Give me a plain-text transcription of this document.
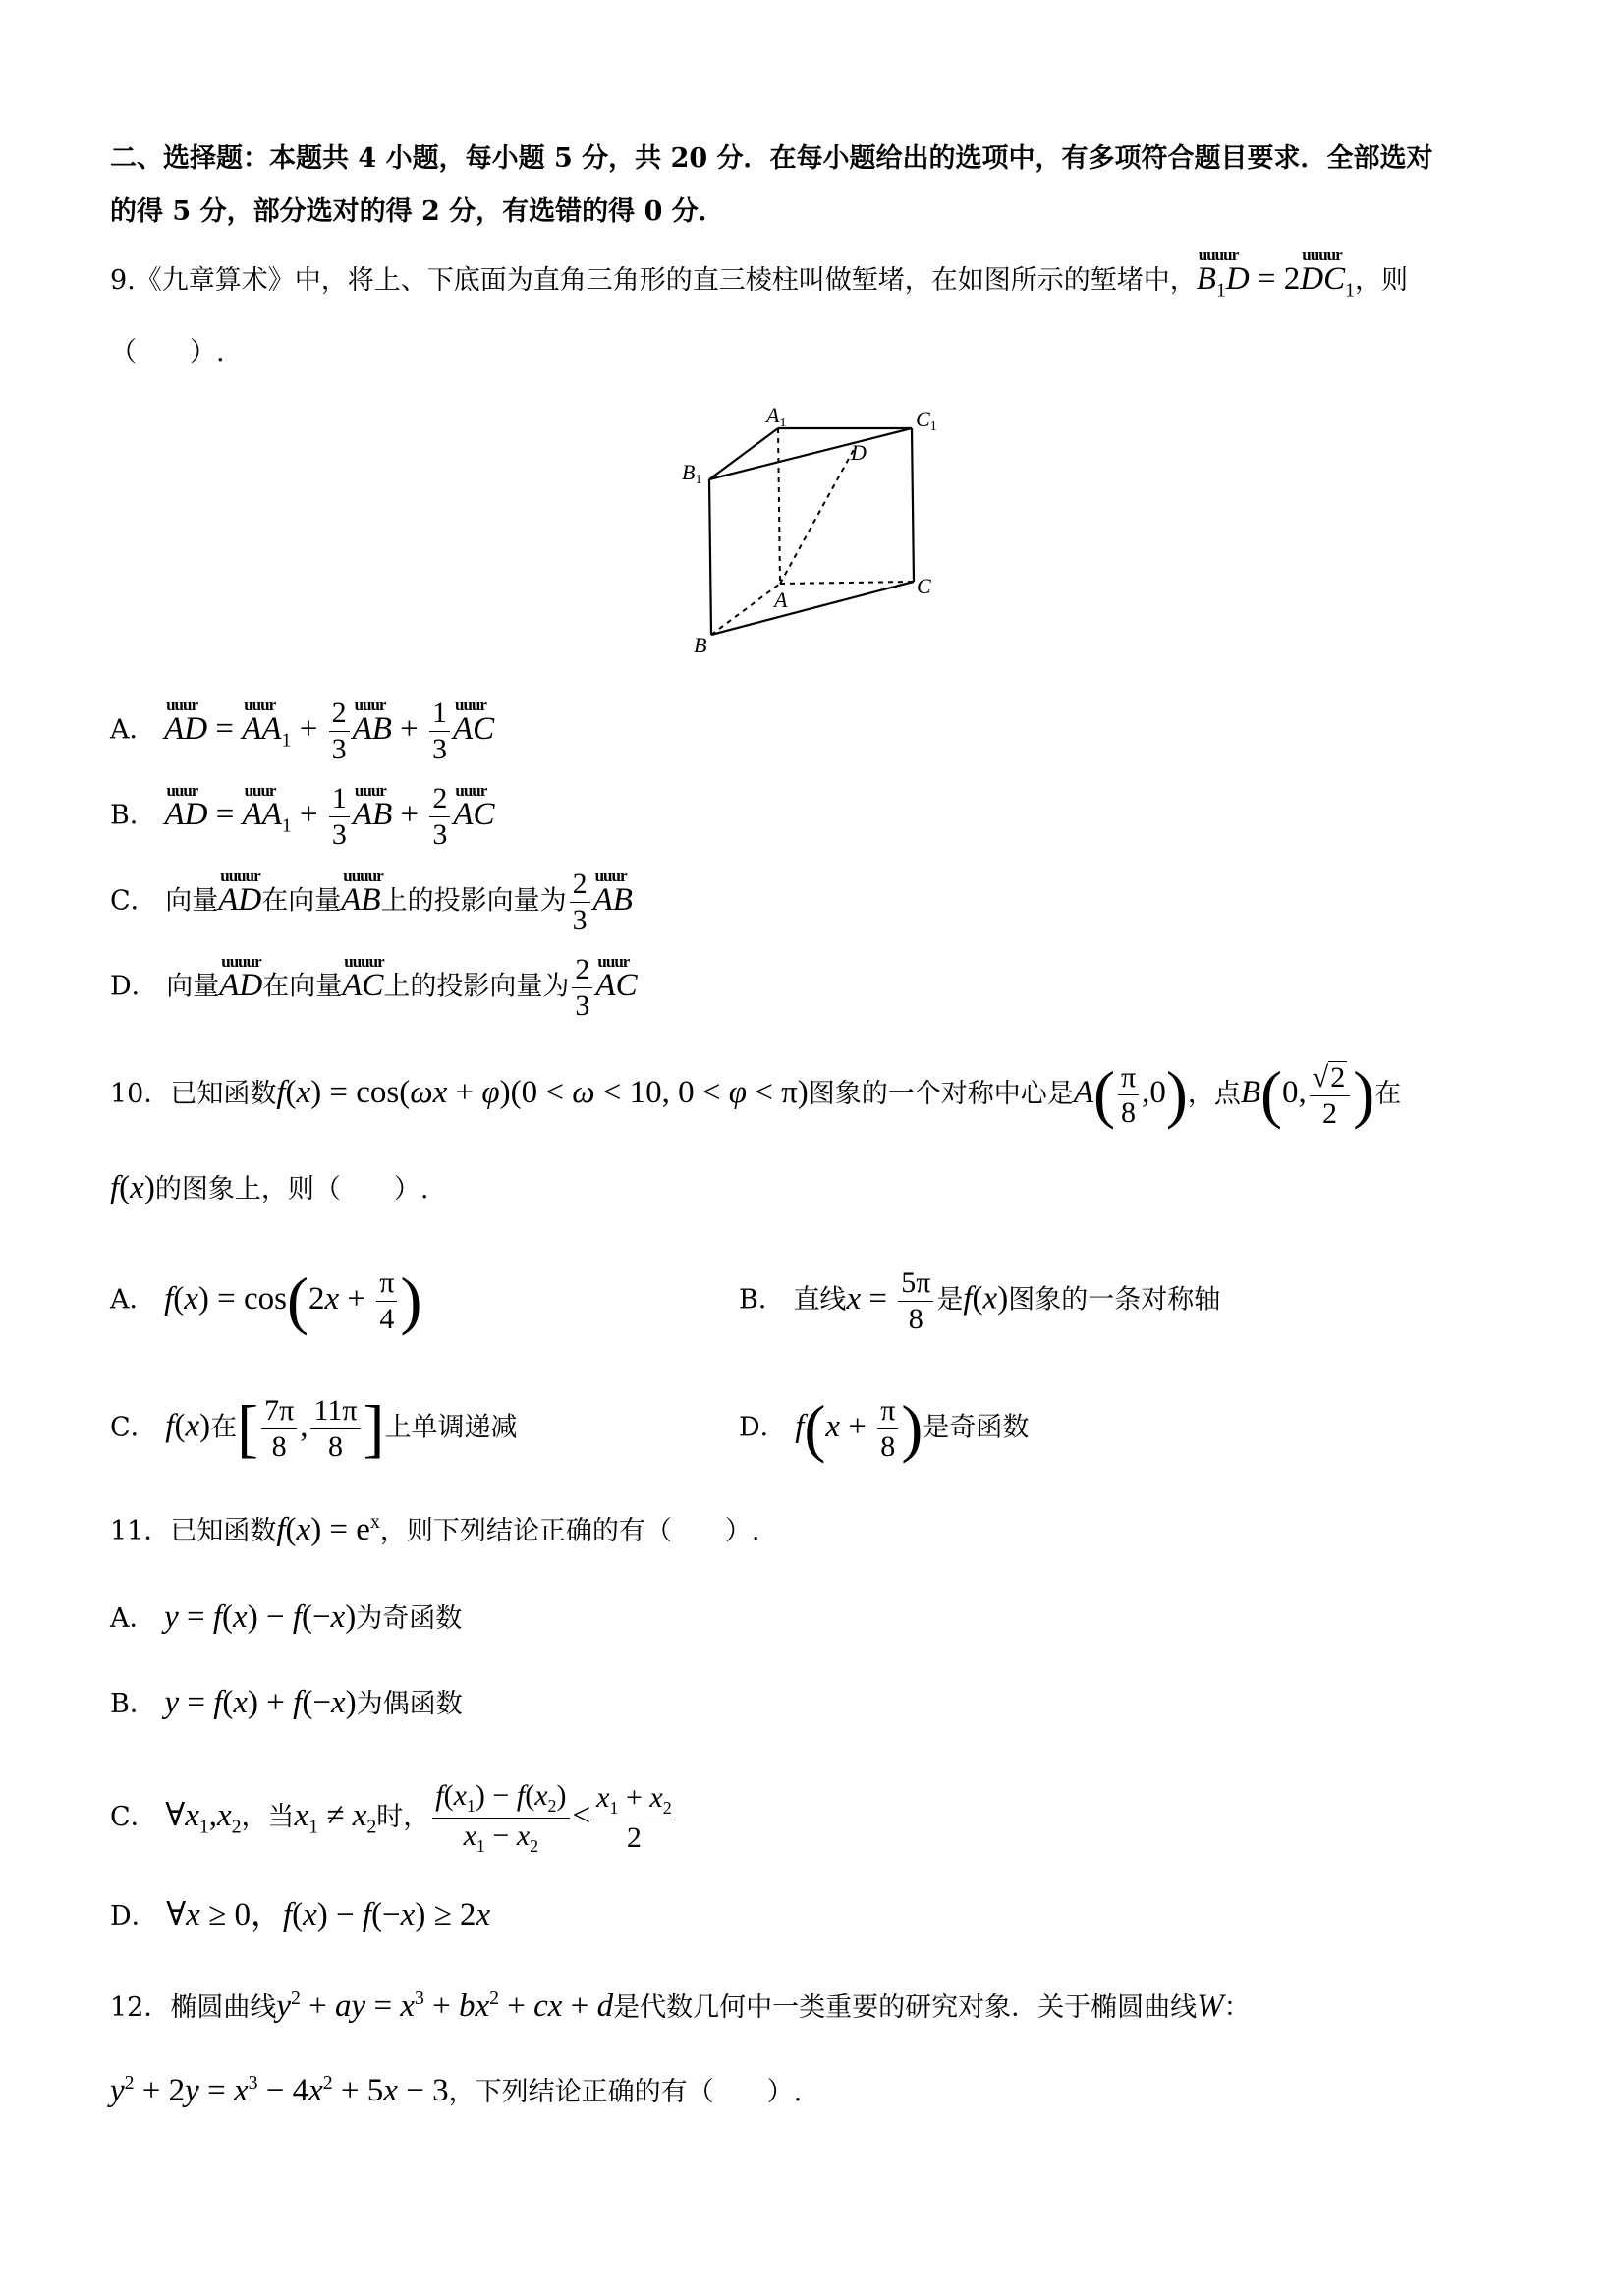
二、选择题：本题共 4 小题，每小题 5 分，共 20 分．在每小题给出的选项中，有多项符合题目要求．全部选对
的得 5 分，部分选对的得 2 分，有选错的得 0 分．
9.《九章算术》中，将上、下底面为直角三角形的直三棱柱叫做堑堵，在如图所示的堑堵中，uuuur $B_1D$ = 2uuuur $DC_1$，则
（　　）.
A1	C1
B1
D
A
C
B
A． uuur AD = uuur $AA_1 + \frac{2}{3}$ uuur AB + $\frac{1}{3}$ uuur AC
B． uuur AD = uuur $AA_1 + \frac{1}{3}$ uuur AB + $\frac{2}{3}$ uuur AC
C． 向量uuuur AD在向量uuuur AB上的投影向量为 $\frac{2}{3}$ uuur AB
D． 向量uuuur AD在向量uuuur AC上的投影向量为 $\frac{2}{3}$ uuur AC
10．已知函数f(x) = cos(ωx + φ)(0 < ω < 10, 0 < φ < π)图象的一个对称中心是$A( \frac{\pi}{8} ,0)$，点B(0, $\frac{√2}{2}$ )在
f(x)的图象上，则（　　）.
A． $f(x) = \cos(2x + \frac{\pi}{4}$ )	B． 直线$x = \frac{5\pi}{8}$ 是f(x)图象的一条对称轴
C． f(x)在[ $\frac{7\pi}{8}$ , $\frac{11\pi}{8}$ ]上单调递减	D． $f(x + \frac{\pi}{8}$ )是奇函数
11．已知函数$f(x) = e^x$，则下列结论正确的有（　　）.
A． y = f(x) − f(−x)为奇函数
B． y = f(x) + f(−x)为偶函数
C． $\forall x_1,x_2$，当$x_1 \ne x_2$时， $\frac{f(x_1) - f(x_2)}{x_1 - x_2} < \frac{x_1 + x_2}{2}$
D． ∀x ≥ 0，f(x) − f(−x) ≥ 2x
12．椭圆曲线$y^2$ + ay = $x^3 + bx^2$ + cx + d是代数几何中一类重要的研究对象．关于椭圆曲线W：
$y^2 + 2y = x^3 - 4x^2 + 5x - 3$，下列结论正确的有（　　）.
